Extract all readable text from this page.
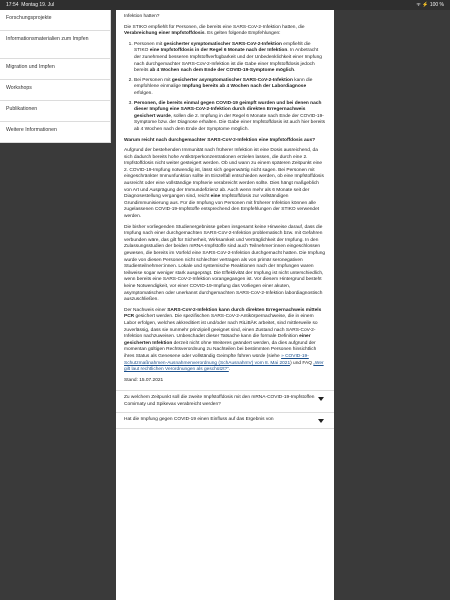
17:54 Montag 19. Jul	ᯤ ⚡ 100 %
Forschungsprojekte
Informationsmaterialien zum Impfen
Migration und Impfen
Workshops
Publikationen
Weitere Informationen

Infektion hatten?

Die STIKO empfiehlt für Personen, die bereits eine SARS-CoV-2-Infektion hatten, die Verabreichung einer Impfstoffdosis. Es gelten folgende Empfehlungen:

1. Personen mit gesicherter symptomatischer SARS-CoV-2-Infektion empfiehlt die STIKO eine Impfstoffdosis in der Regel 6 Monate nach der Infektion. In Anbetracht der zunehmend besseren Impfstoffverfügbarkeit und der Unbedenklichkeit einer Impfung nach durchgemachter SARS-CoV-2-Infektion ist die Gabe einer Impfstoffdosis jedoch bereits ab 4 Wochen nach dem Ende der COVID-19-Symptome möglich.
2. Bei Personen mit gesicherter asymptomatischer SARS-CoV-2-Infektion kann die empfohlene einmalige Impfung bereits ab 4 Wochen nach der Labordiagnose erfolgen.
3. Personen, die bereits einmal gegen COVID-19 geimpft wurden und bei denen nach dieser Impfung eine SARS-CoV-2-Infektion durch direkten Erregernachweis gesichert wurde, sollen die 2. Impfung in der Regel 6 Monate nach Ende der COVID-19-Symptome bzw. der Diagnose erhalten. Die Gabe einer Impfstoffdosis ist auch hier bereits ab 4 Wochen nach dem Ende der Symptome möglich.

Warum reicht nach durchgemachter SARS-CoV-2-Infektion eine Impfstoffdosis aus?

Aufgrund der bestehenden Immunität nach früherer Infektion ist eine Dosis ausreichend, da sich dadurch bereits hohe Antikörperkonzentrationen erzielen lassen, die durch eine 2. Impfstoffdosis nicht weiter gesteigert werden. Ob und wann zu einem späteren Zeitpunkt eine 2. COVID-19-Impfung notwendig ist, lässt sich gegenwärtig nicht sagen. Bei Personen mit eingeschränkter Immunfunktion sollte im Einzelfall entschieden werden, ob eine Impfstoffdosis ausreicht oder eine vollständige Impfserie verabreicht werden sollte. Dies hängt maßgeblich von Art und Ausprägung der Immundefizienz ab. Auch wenn mehr als 6 Monate seit der Diagnosestellung vergangen sind, reicht eine Impfstoffdosis zur vollständigen Grundimmunisierung aus. Für die Impfung von Personen mit früherer Infektion können alle zugelassenen COVID-19-Impfstoffe entsprechend den Empfehlungen der STIKO verwendet werden.

Die bisher vorliegenden Studienergebnisse geben insgesamt keine Hinweise darauf, dass die Impfung nach einer durchgemachten SARS-CoV-2-Infektion problematisch bzw. mit Gefahren verbunden wäre, das gilt für Sicherheit, Wirksamkeit und Verträglichkeit der Impfung. In den Zulassungsstudien der beiden mRNA-Impfstoffe sind auch Teilnehmer:innen eingeschlossen gewesen, die bereits im Vorfeld eine SARS-CoV-2-Infektion durchgemacht hatten. Die Impfung wurde von diesen Personen nicht schlechter vertragen als von primär seronegativen Studienteilnehmer:innen. Lokale und systemische Reaktionen nach der Impfungen waren teilweise sogar weniger stark ausgeprägt. Die Effektivität der Impfung ist nicht unterschiedlich, wenn bereits eine SARS-CoV-2-Infektion vorangegangen ist. Vor diesem Hintergrund besteht keine Notwendigkeit, vor einer COVID-19-Impfung das Vorliegen einer akuten, asymptomatischen oder unerkannt durchgemachten SARS-CoV-2-Infektion labordiagnostisch auszuschließen.

Der Nachweis einer SARS-CoV-2-Infektion kann durch direkten Erregernachweis mittels PCR gesichert werden. Die spezifischen SARS-CoV-2-Antikörpernachweise, die in einem Labor erfolgen, welches akkreditiert ist und/oder nach RiLiBÄK arbeitet, sind mittlerweile so zuverlässig, dass sie nunmehr prinzipiell geeignet sind, einen Zustand nach SARS-CoV-2-Infektion nachzuweisen. Unbeschadet dieser Tatsache kann die formale Definition einer gesicherten Infektion derzeit nicht ohne Weiteres geändert werden, da dies aufgrund der momentan gültigen Rechtsverordnung zu Nachteilen bei bestimmten Personen hinsichtlich ihres Status als Genesene oder vollständig Geimpfte führen würde (siehe » COVID-19-Schutzmaßnahmen-Ausnahmenverordnung (SchAusnahmV) vom 8. Mai 2021) und FAQ „Wer gilt laut rechtlichen Verordnungen als geschützt?“.

Stand: 15.07.2021

Zu welchem Zeitpunkt soll die zweite Impfstoffdosis mit den mRNA-COVID-19-Impfstoffen Comirnaty und Spikevax verabreicht werden?
Hat die Impfung gegen COVID-19 einen Einfluss auf das Ergebnis von
